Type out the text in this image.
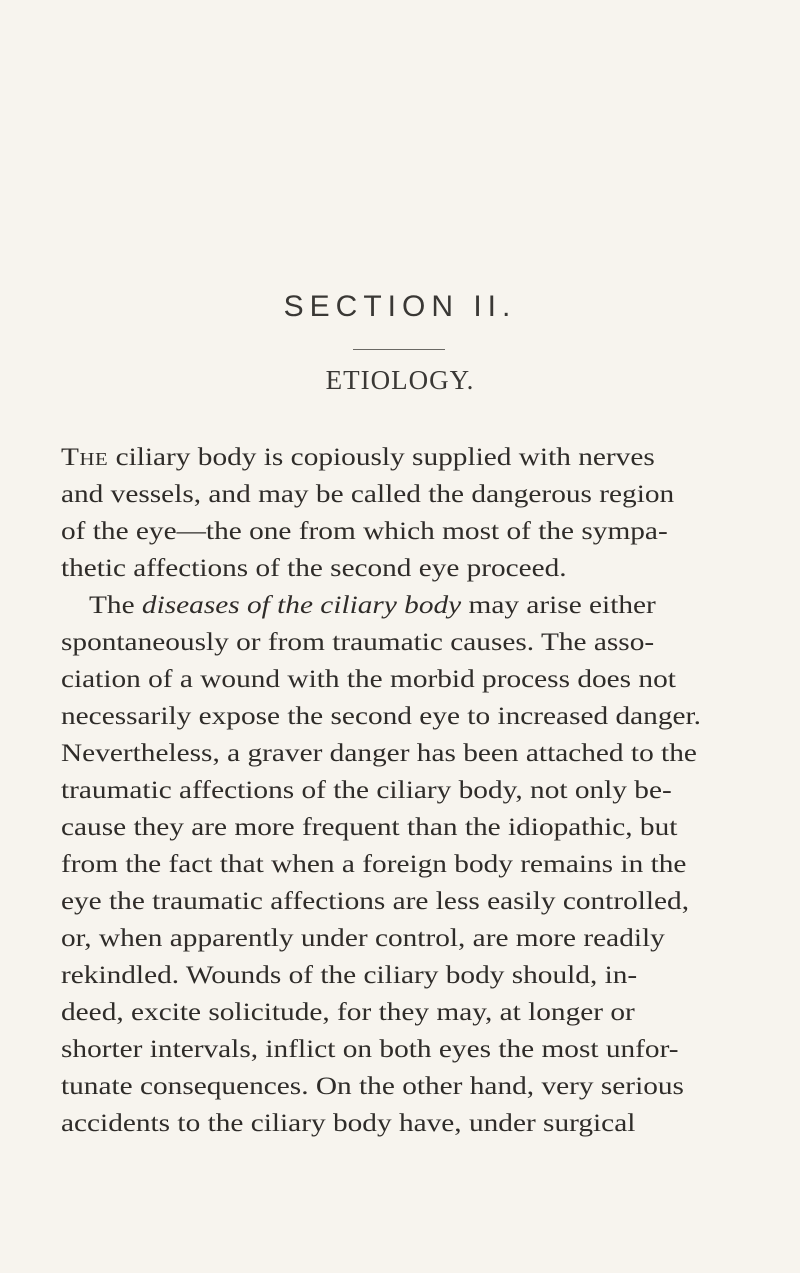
SECTION II.
ETIOLOGY.
The ciliary body is copiously supplied with nerves
and vessels, and may be called the dangerous region
of the eye—the one from which most of the sympa-
thetic affections of the second eye proceed.
The diseases of the ciliary body may arise either
spontaneously or from traumatic causes. The asso-
ciation of a wound with the morbid process does not
necessarily expose the second eye to increased danger.
Nevertheless, a graver danger has been attached to the
traumatic affections of the ciliary body, not only be-
cause they are more frequent than the idiopathic, but
from the fact that when a foreign body remains in the
eye the traumatic affections are less easily controlled,
or, when apparently under control, are more readily
rekindled. Wounds of the ciliary body should, in-
deed, excite solicitude, for they may, at longer or
shorter intervals, inflict on both eyes the most unfor-
tunate consequences. On the other hand, very serious
accidents to the ciliary body have, under surgical
